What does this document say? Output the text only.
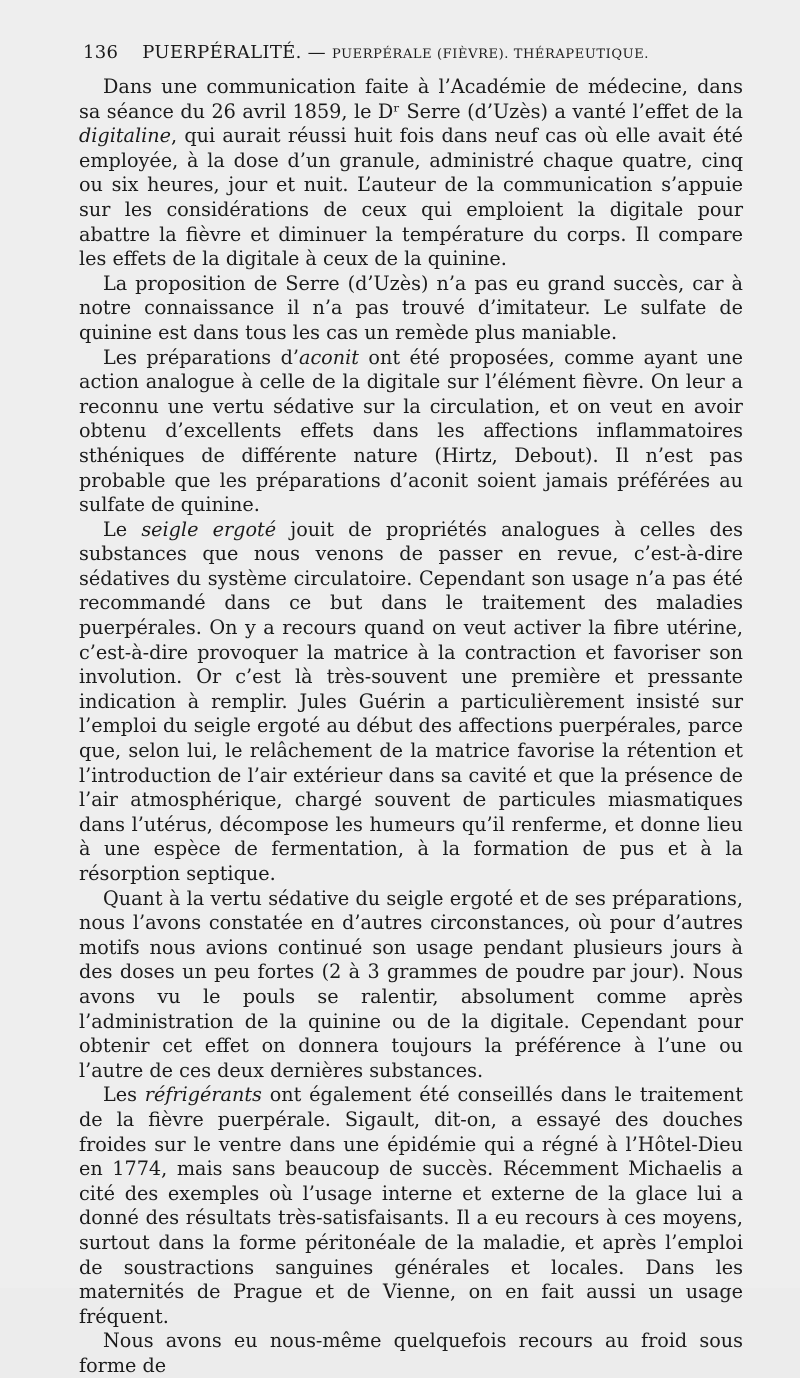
136 PUERPÉRALITÉ. — PUERPÉRALE (FIÈVRE). THÉRAPEUTIQUE.

Dans une communication faite à l’Académie de médecine, dans sa séance du 26 avril 1859, le Dʳ Serre (d’Uzès) a vanté l’effet de la digitaline, qui aurait réussi huit fois dans neuf cas où elle avait été employée, à la dose d’un granule, administré chaque quatre, cinq ou six heures, jour et nuit. L’auteur de la communication s’appuie sur les considérations de ceux qui emploient la digitale pour abattre la fièvre et diminuer la température du corps. Il compare les effets de la digitale à ceux de la quinine.

La proposition de Serre (d’Uzès) n’a pas eu grand succès, car à notre connaissance il n’a pas trouvé d’imitateur. Le sulfate de quinine est dans tous les cas un remède plus maniable.

Les préparations d’aconit ont été proposées, comme ayant une action analogue à celle de la digitale sur l’élément fièvre. On leur a reconnu une vertu sédative sur la circulation, et on veut en avoir obtenu d’excellents effets dans les affections inflammatoires sthéniques de différente nature (Hirtz, Debout). Il n’est pas probable que les préparations d’aconit soient jamais préférées au sulfate de quinine.

Le seigle ergoté jouit de propriétés analogues à celles des substances que nous venons de passer en revue, c’est-à-dire sédatives du système circulatoire. Cependant son usage n’a pas été recommandé dans ce but dans le traitement des maladies puerpérales. On y a recours quand on veut activer la fibre utérine, c’est-à-dire provoquer la matrice à la contraction et favoriser son involution. Or c’est là très-souvent une première et pressante indication à remplir. Jules Guérin a particulièrement insisté sur l’emploi du seigle ergoté au début des affections puerpérales, parce que, selon lui, le relâchement de la matrice favorise la rétention et l’introduction de l’air extérieur dans sa cavité et que la présence de l’air atmosphérique, chargé souvent de particules miasmatiques dans l’utérus, décompose les humeurs qu’il renferme, et donne lieu à une espèce de fermentation, à la formation de pus et à la résorption septique.

Quant à la vertu sédative du seigle ergoté et de ses préparations, nous l’avons constatée en d’autres circonstances, où pour d’autres motifs nous avions continué son usage pendant plusieurs jours à des doses un peu fortes (2 à 3 grammes de poudre par jour). Nous avons vu le pouls se ralentir, absolument comme après l’administration de la quinine ou de la digitale. Cependant pour obtenir cet effet on donnera toujours la préférence à l’une ou l’autre de ces deux dernières substances.

Les réfrigérants ont également été conseillés dans le traitement de la fièvre puerpérale. Sigault, dit-on, a essayé des douches froides sur le ventre dans une épidémie qui a régné à l’Hôtel-Dieu en 1774, mais sans beaucoup de succès. Récemment Michaelis a cité des exemples où l’usage interne et externe de la glace lui a donné des résultats très-satisfaisants. Il a eu recours à ces moyens, surtout dans la forme péritonéale de la maladie, et après l’emploi de soustractions sanguines générales et locales. Dans les maternités de Prague et de Vienne, on en fait aussi un usage fréquent.

Nous avons eu nous-même quelquefois recours au froid sous forme de
